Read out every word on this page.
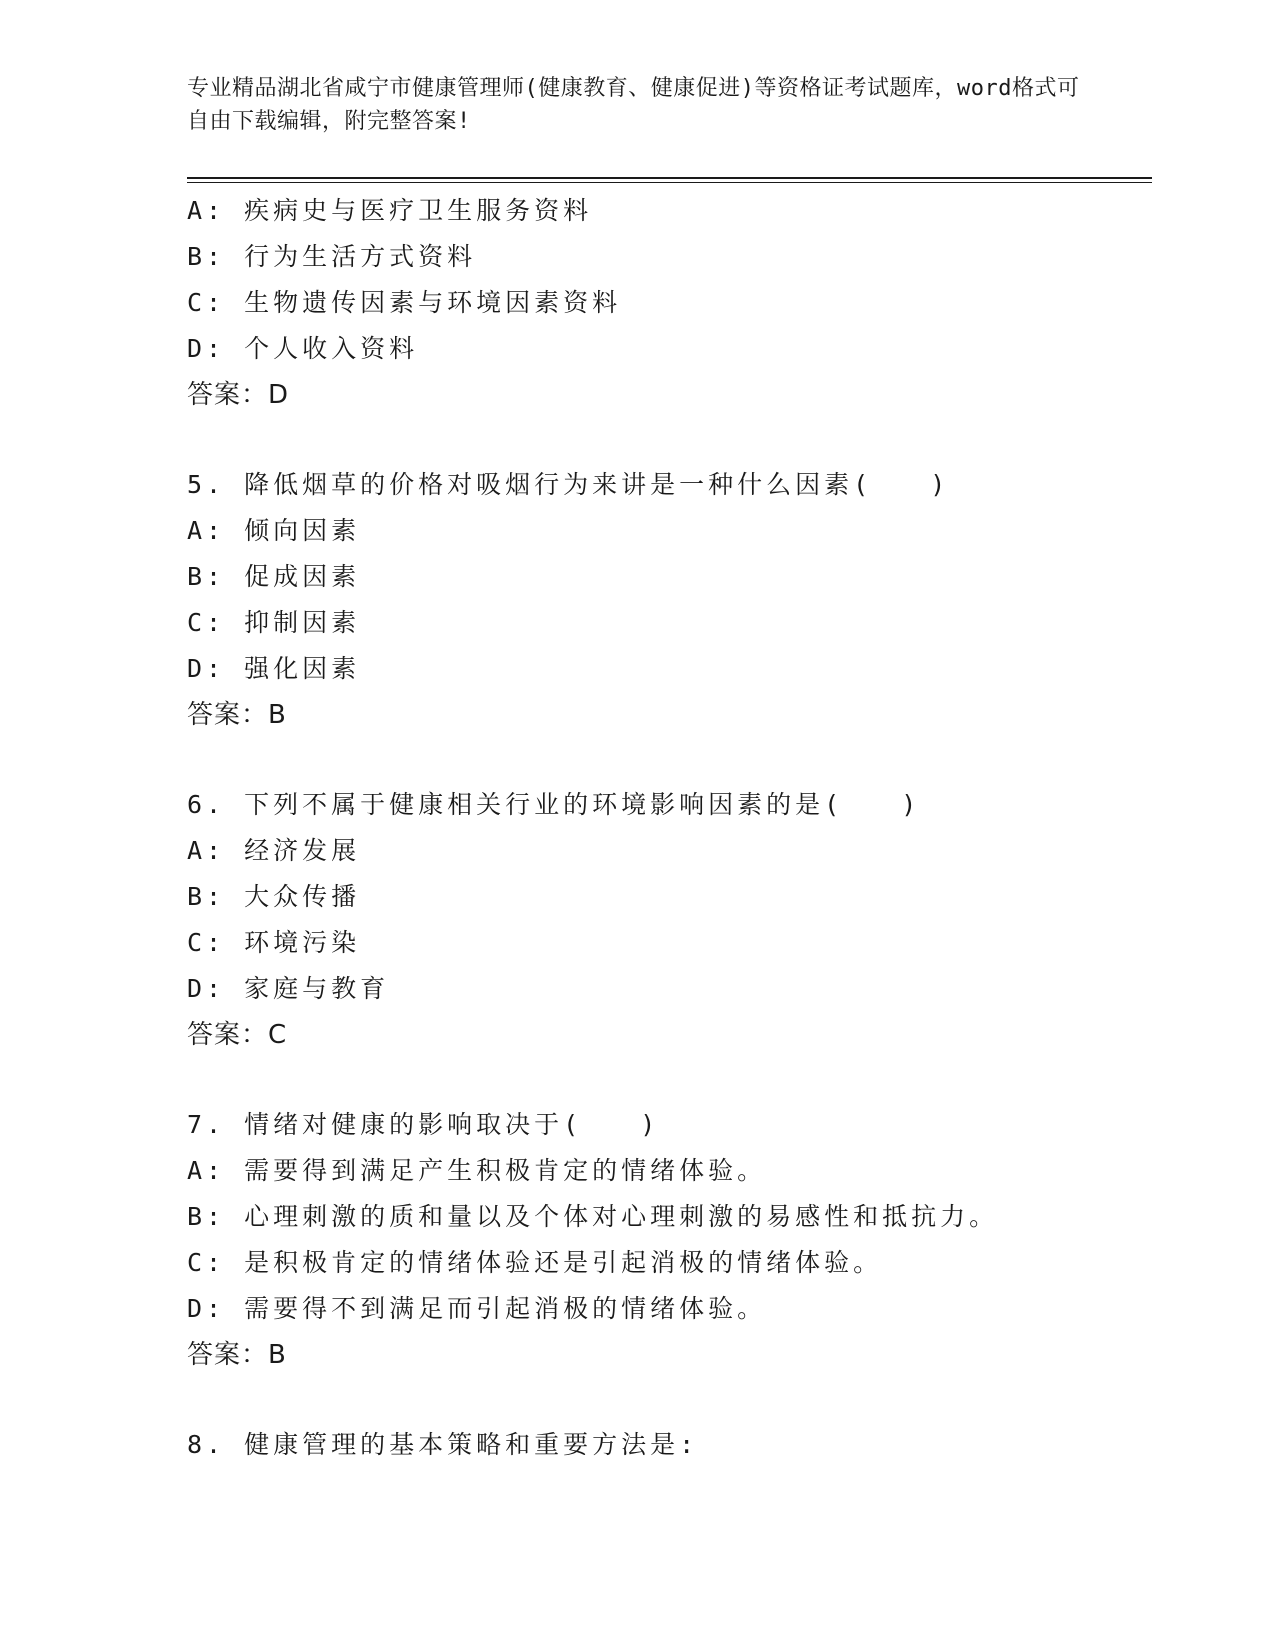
专业精品湖北省咸宁市健康管理师(健康教育、健康促进)等资格证考试题库，word格式可自由下载编辑，附完整答案!
A: 疾病史与医疗卫生服务资料
B: 行为生活方式资料
C: 生物遗传因素与环境因素资料
D: 个人收入资料
答案：D
5. 降低烟草的价格对吸烟行为来讲是一种什么因素(　　)
A: 倾向因素
B: 促成因素
C: 抑制因素
D: 强化因素
答案：B
6. 下列不属于健康相关行业的环境影响因素的是(　　)
A: 经济发展
B: 大众传播
C: 环境污染
D: 家庭与教育
答案：C
7. 情绪对健康的影响取决于(　　)
A: 需要得到满足产生积极肯定的情绪体验。
B: 心理刺激的质和量以及个体对心理刺激的易感性和抵抗力。
C: 是积极肯定的情绪体验还是引起消极的情绪体验。
D: 需要得不到满足而引起消极的情绪体验。
答案：B
8. 健康管理的基本策略和重要方法是:
